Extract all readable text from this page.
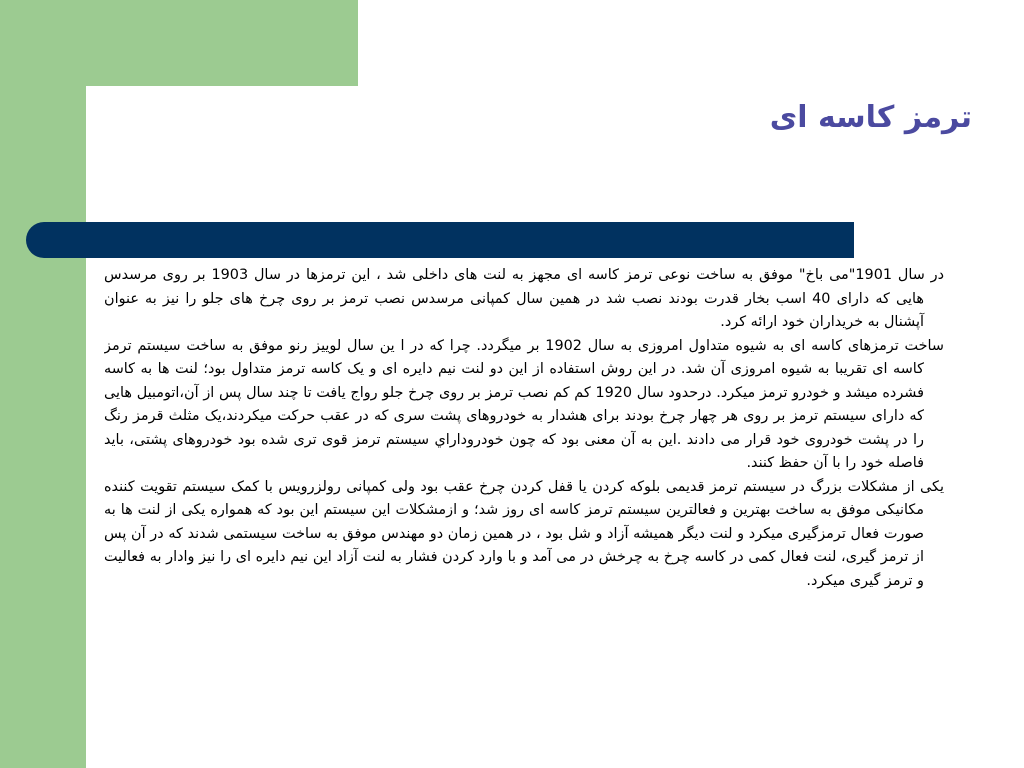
ترمز کاسه ای

در سال 1901"می باخ" موفق به ساخت نوعی ترمز کاسه ای مجهز به لنت های داخلی شد ، این ترمزها در سال 1903 بر روی مرسدس هایی که دارای 40 اسب بخار قدرت بودند نصب شد در همین سال کمپانی مرسدس نصب ترمز بر روی چرخ های جلو را نیز به عنوان آپشنال به خریداران خود ارائه کرد.

ساخت ترمزهای کاسه ای به شیوه متداول امروزی به سال 1902 بر میگردد. چرا که در ا ین سال لوییز رنو موفق به ساخت سیستم ترمز کاسه ای تقریبا به شیوه امروزی آن شد. در این روش استفاده از این دو لنت نیم دایره ای و یک کاسه ترمز متداول بود؛ لنت ها به کاسه فشرده میشد و خودرو ترمز میکرد. درحدود سال 1920 کم کم نصب ترمز بر روی چرخ جلو رواج یافت تا چند سال پس از آن،اتومبیل هایی که دارای سیستم ترمز بر روی هر چهار چرخ بودند برای هشدار به خودروهای پشت سری که در عقب حرکت میکردند،یک مثلث قرمز رنگ را در پشت خودروی خود قرار می دادند .این به آن معنی بود که چون خودروداراي سیستم ترمز قوی تری شده بود خودروهای پشتی، باید فاصله خود را با آن حفظ کنند.

یکی از مشکلات بزرگ در سیستم ترمز قدیمی بلوکه کردن یا قفل کردن چرخ عقب بود ولی کمپانی رولزرویس با کمک سیستم تقویت کننده مکانیکی موفق به ساخت بهترین و فعالترین سیستم ترمز کاسه ای روز شد؛ و ازمشکلات این سیستم این بود که همواره یکی از لنت ها به صورت فعال ترمزگیری میکرد و لنت دیگر همیشه آزاد و شل بود ، در همین زمان دو مهندس موفق به ساخت سیستمی شدند که در آن پس از ترمز گیری، لنت فعال کمی در کاسه چرخ به چرخش در می آمد و با وارد کردن فشار به لنت آزاد این نیم دایره ای را نیز وادار به فعالیت و ترمز گیری میکرد.
